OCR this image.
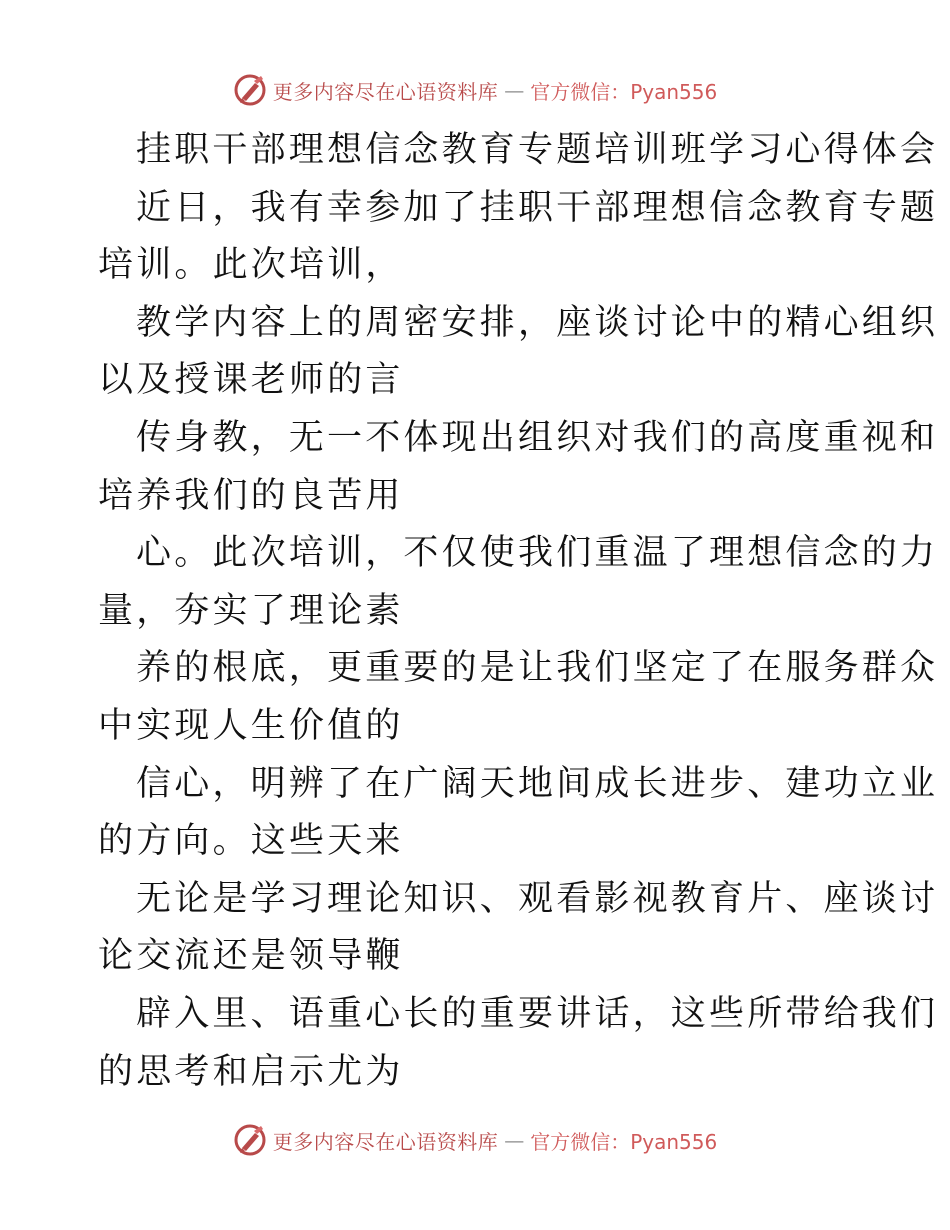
更多内容尽在心语资料库 — 官方微信：Pyan556
挂职干部理想信念教育专题培训班学习心得体会
近日，我有幸参加了挂职干部理想信念教育专题
培训。此次培训，
教学内容上的周密安排，座谈讨论中的精心组织
以及授课老师的言
传身教，无一不体现出组织对我们的高度重视和
培养我们的良苦用
心。此次培训，不仅使我们重温了理想信念的力
量，夯实了理论素
养的根底，更重要的是让我们坚定了在服务群众
中实现人生价值的
信心，明辨了在广阔天地间成长进步、建功立业
的方向。这些天来
无论是学习理论知识、观看影视教育片、座谈讨
论交流还是领导鞭
辟入里、语重心长的重要讲话，这些所带给我们
的思考和启示尤为
更多内容尽在心语资料库 — 官方微信：Pyan556
